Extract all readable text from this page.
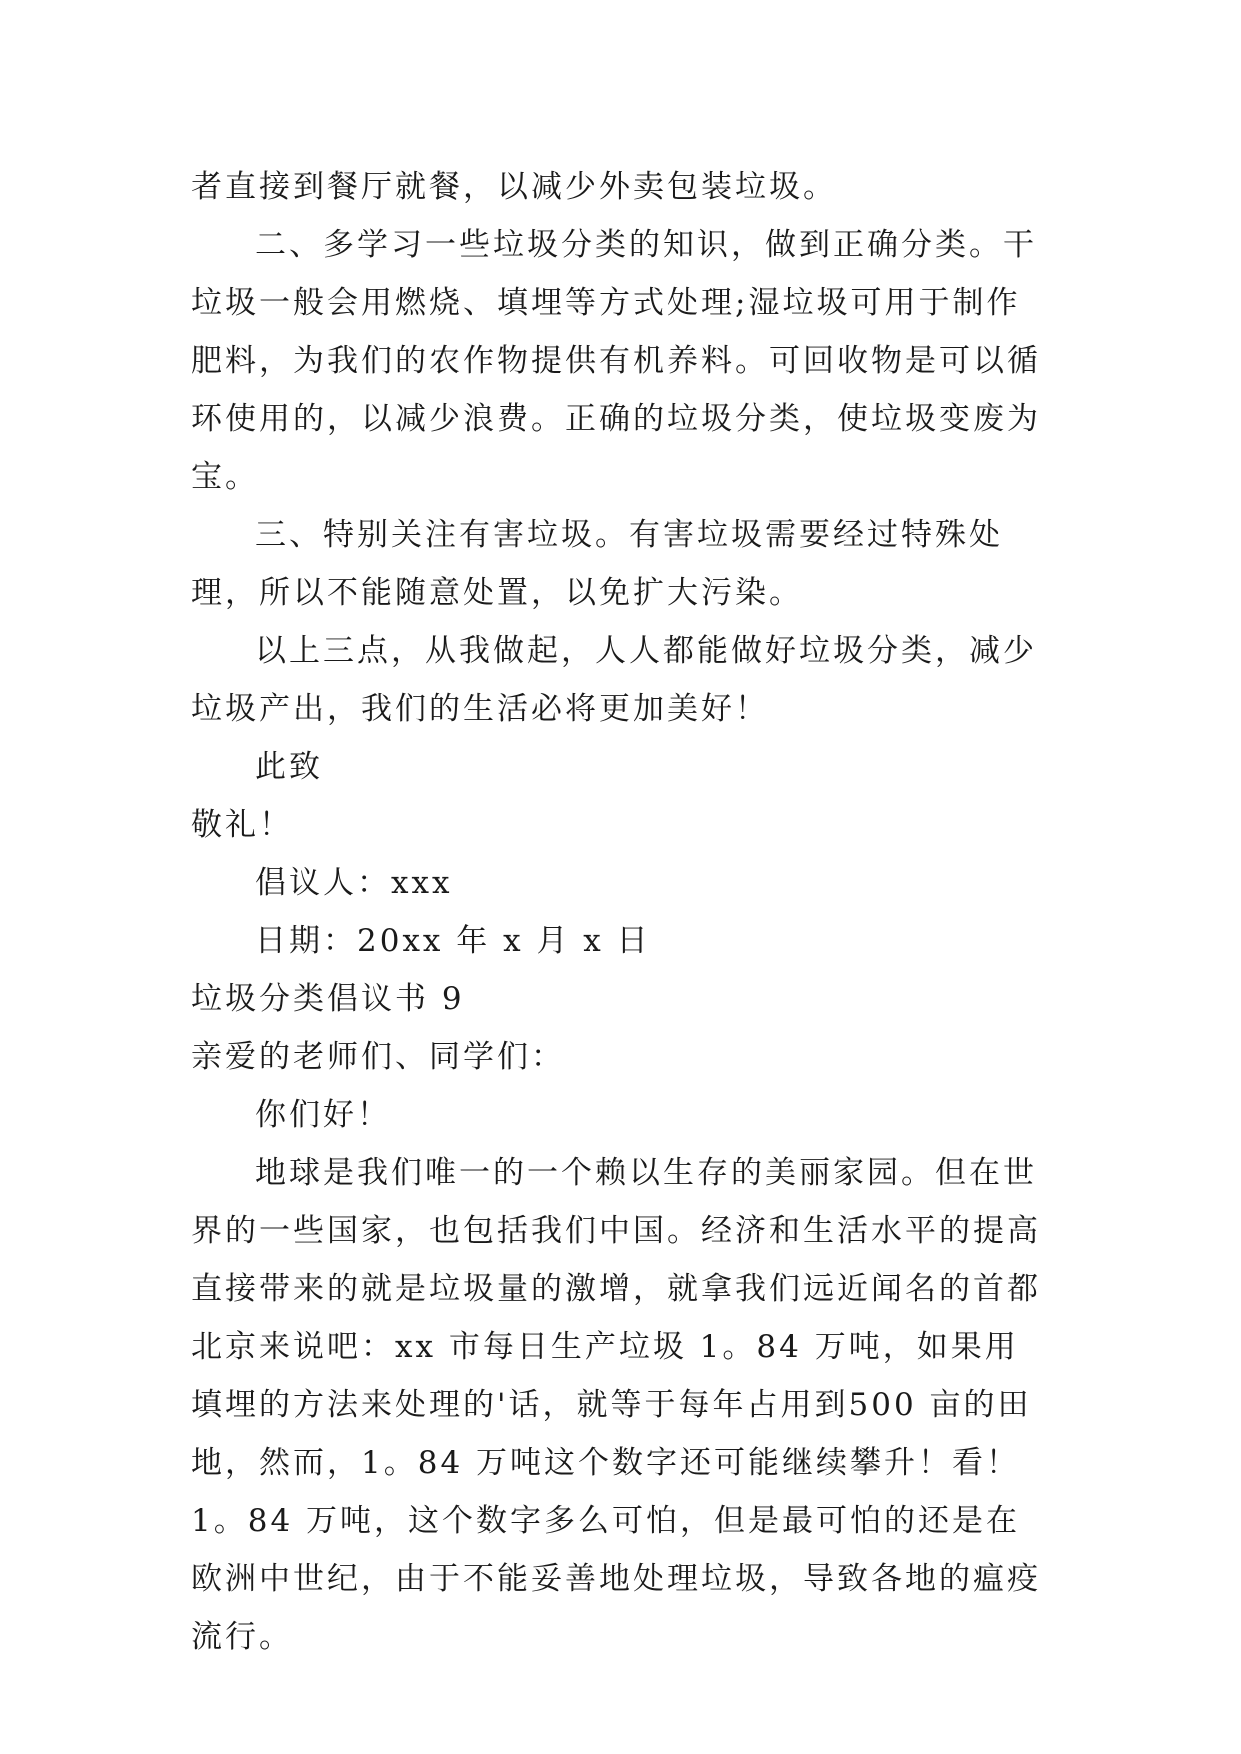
者直接到餐厅就餐，以减少外卖包装垃圾。

二、多学习一些垃圾分类的知识，做到正确分类。干垃圾一般会用燃烧、填埋等方式处理;湿垃圾可用于制作肥料，为我们的农作物提供有机养料。可回收物是可以循环使用的，以减少浪费。正确的垃圾分类，使垃圾变废为宝。

三、特别关注有害垃圾。有害垃圾需要经过特殊处理，所以不能随意处置，以免扩大污染。

以上三点，从我做起，人人都能做好垃圾分类，减少垃圾产出，我们的生活必将更加美好！

此致

敬礼！

倡议人：xxx

日期：20xx 年 x 月 x 日

垃圾分类倡议书 9

亲爱的老师们、同学们：

你们好！

地球是我们唯一的一个赖以生存的美丽家园。但在世界的一些国家，也包括我们中国。经济和生活水平的提高直接带来的就是垃圾量的激增，就拿我们远近闻名的首都北京来说吧：xx 市每日生产垃圾 1。84 万吨，如果用填埋的方法来处理的'话，就等于每年占用到500 亩的田地，然而，1。84 万吨这个数字还可能继续攀升！看！1。84 万吨，这个数字多么可怕，但是最可怕的还是在欧洲中世纪，由于不能妥善地处理垃圾，导致各地的瘟疫流行。
